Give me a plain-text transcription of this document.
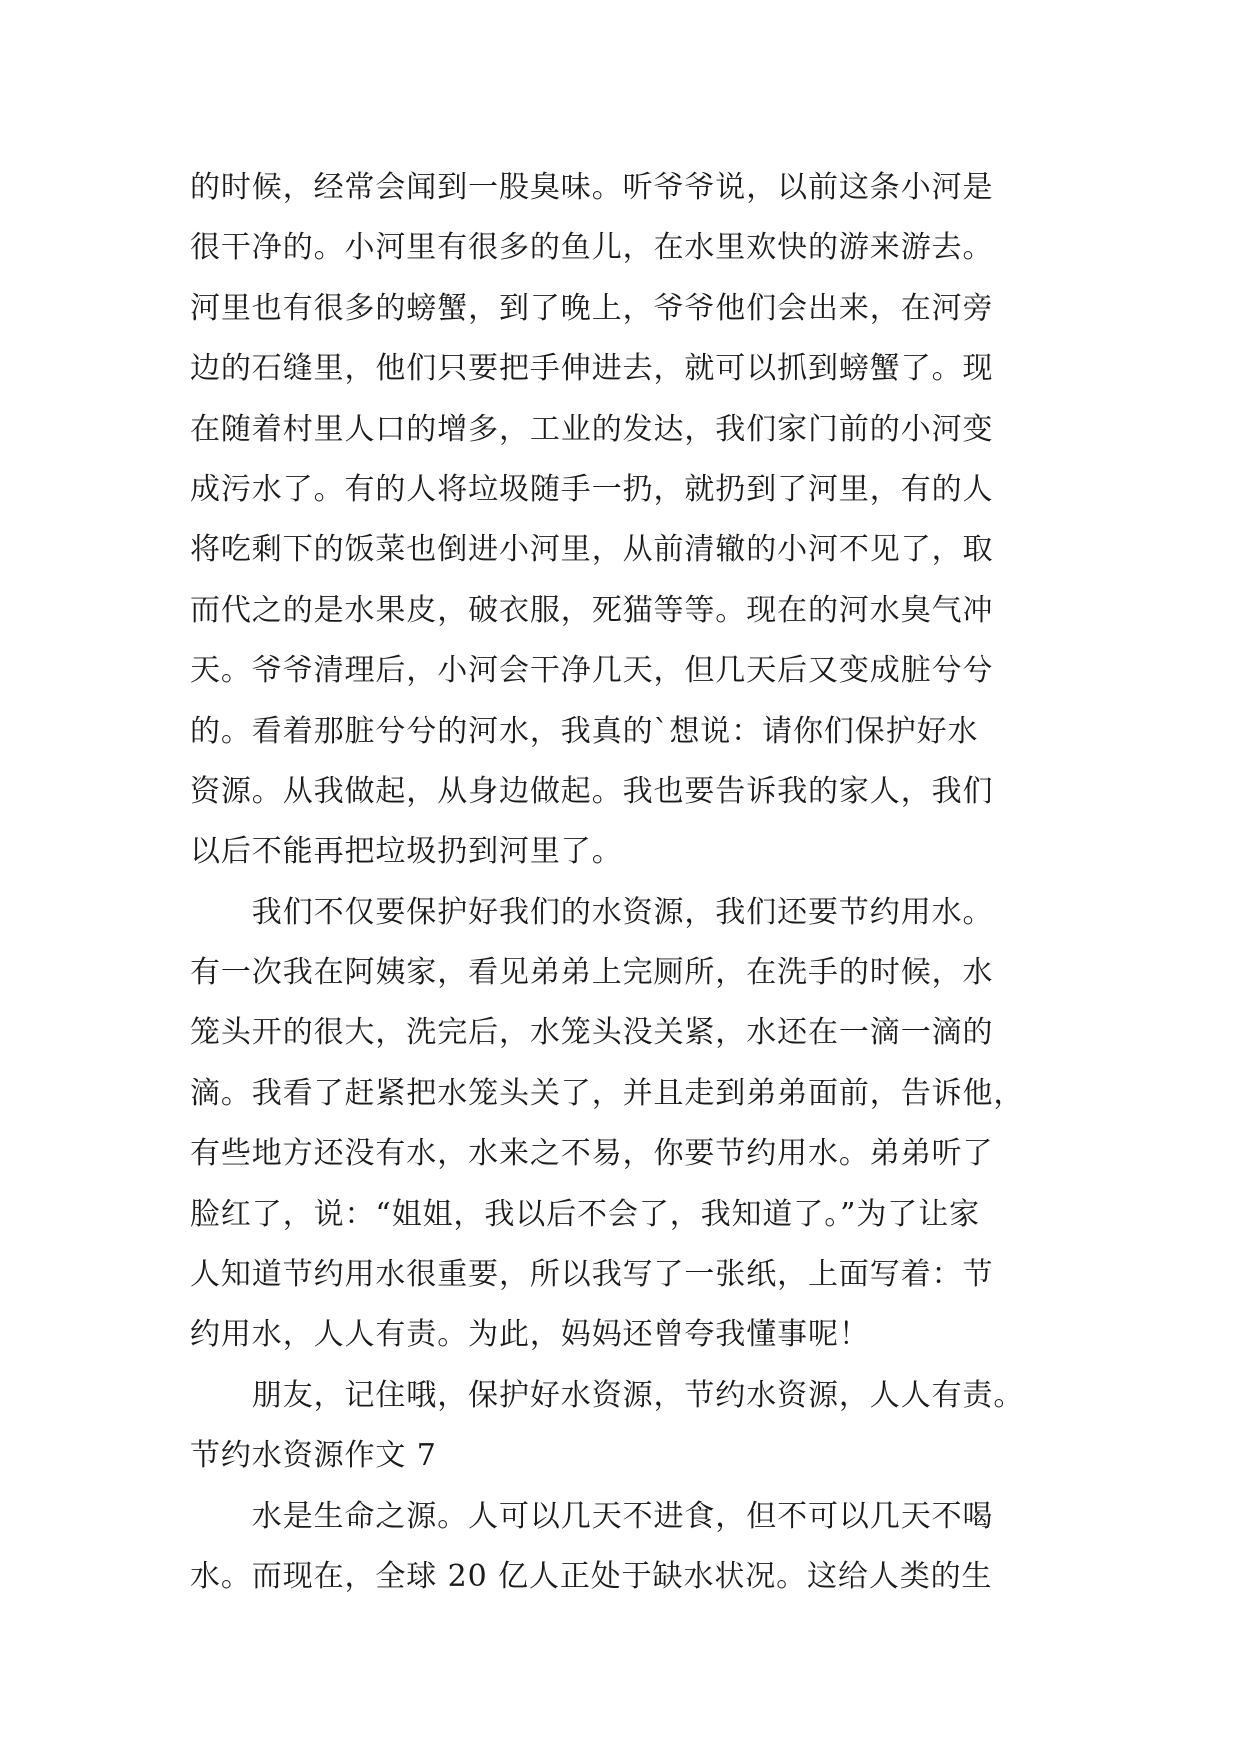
的时候，经常会闻到一股臭味。听爷爷说，以前这条小河是
很干净的。小河里有很多的鱼儿，在水里欢快的游来游去。
河里也有很多的螃蟹，到了晚上，爷爷他们会出来，在河旁
边的石缝里，他们只要把手伸进去，就可以抓到螃蟹了。现
在随着村里人口的增多，工业的发达，我们家门前的小河变
成污水了。有的人将垃圾随手一扔，就扔到了河里，有的人
将吃剩下的饭菜也倒进小河里，从前清辙的小河不见了，取
而代之的是水果皮，破衣服，死猫等等。现在的河水臭气冲
天。爷爷清理后，小河会干净几天，但几天后又变成脏兮兮
的。看着那脏兮兮的河水，我真的`想说：请你们保护好水
资源。从我做起，从身边做起。我也要告诉我的家人，我们
以后不能再把垃圾扔到河里了。
　　我们不仅要保护好我们的水资源，我们还要节约用水。
有一次我在阿姨家，看见弟弟上完厕所，在洗手的时候，水
笼头开的很大，洗完后，水笼头没关紧，水还在一滴一滴的
滴。我看了赶紧把水笼头关了，并且走到弟弟面前，告诉他，
有些地方还没有水，水来之不易，你要节约用水。弟弟听了
脸红了，说：“姐姐，我以后不会了，我知道了。”为了让家
人知道节约用水很重要，所以我写了一张纸，上面写着：节
约用水，人人有责。为此，妈妈还曾夸我懂事呢！
　　朋友，记住哦，保护好水资源，节约水资源，人人有责。
节约水资源作文 7
　　水是生命之源。人可以几天不进食，但不可以几天不喝
水。而现在，全球 20 亿人正处于缺水状况。这给人类的生
